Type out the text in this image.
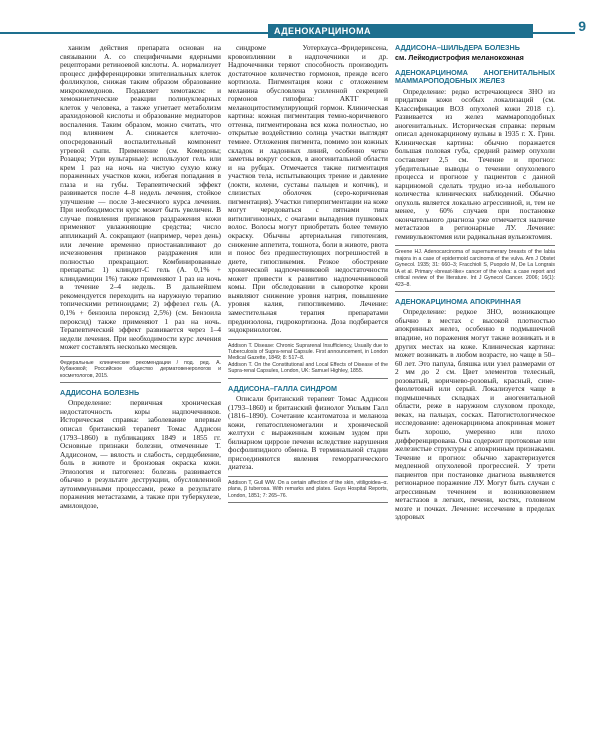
АДЕНОКАРЦИНОМА	9

ханизм действия препарата основан на связывании А. со специфичными ядерными рецепторами ретиноевой кислоты. А. нормализует процесс дифференцировки эпителиальных клеток фолликулов, снижая таким образом образование микрокомедонов. Подавляет хемотаксис и хемокинетические реакции полинуклеарных клеток у человека, а также угнетает метаболизм арахидоновой кислоты и образование медиаторов воспаления. Таким образом, можно считать, что под влиянием А. снижается клеточно-опосредованный воспалительный компонент угревой сыпи. Применение (см. Комедоны; Розацеа; Угри вульгарные): используют гель или крем 1 раз на ночь на чистую сухую кожу пораженных участков кожи, избегая попадания в глаза и на губы. Терапевтический эффект развивается после 4–8 недель лечения, стойкое улучшение — после 3-месячного курса лечения. При необходимости курс может быть увеличен. В случае появления признаков раздражения кожи применяют увлажняющие средства; число аппликаций А. сокращают (например, через день) или лечение временно приостанавливают до исчезновения признаков раздражения или полностью прекращают. Комбинированные препараты: 1) клиндит-С гель (А. 0,1% + клиндамицин 1%) также применяют 1 раз на ночь в течение 2–4 недель. В дальнейшем рекомендуется переходить на наружную терапию топическими ретиноидами; 2) эффезел гель (А. 0,1% + бензоила пероксид 2,5%) (см. Бензоила пероксид) также применяют 1 раз на ночь. Терапевтический эффект развивается через 1–4 недели лечения. При необходимости курс лечения может составлять несколько месяцев.

Федеральные клинические рекомендации / под. ред. А. Кубановой; Российское общество дерматовенерологов и косметологов, 2015.

АДДИСОНА БОЛЕЗНЬ

Определение: первичная хроническая недостаточность коры надпочечников. Историческая справка: заболевание впервые описал британский терапевт Томас Аддисон (1793–1860) в публикациях 1849 и 1855 гг. Основные признаки болезни, отмеченные Т. Аддисоном, — вялость и слабость, сердцебиение, боль в животе и бронзовая окраска кожи. Этиология и патогенез: болезнь развивается обычно в результате деструкции, обусловленной аутоиммунными процессами, реже в результате поражения метастазами, а также при туберкулезе, амилоидозе,

синдроме Уотерхауса–Фридериксена, кровоизлиянии в надпочечники и др. Надпочечники теряют способность производить достаточное количество гормонов, прежде всего кортизола. Пигментация кожи с отложением меланина обусловлена усиленной секрецией гормонов гипофиза: АКТГ и меланоцитостимулирующий гормон. Клиническая картина: кожная пигментация темно-коричневого оттенка, пигментирована вся кожа полностью, но открытые воздействию солнца участки выглядят темнее. Отложения пигмента, помимо зон кожных складок и ладонных линий, особенно четко заметны вокруг сосков, в аногенитальной области и на рубцах. Отмечается также пигментация участков тела, испытывающих трение и давление (локти, колени, суставы пальцев и копчик), и слизистых оболочек (серо-коричневая пигментация). Участки гиперпигментации на коже могут чередоваться с пятнами типа витилигинозных, с очагами выпадения пушковых волос. Волосы могут приобретать более темную окраску. Обычны артериальная гипотензия, снижение аппетита, тошнота, боли в животе, рвота и понос без предшествующих погрешностей в диете, гипогликемия. Резкое обострение хронической надпочечниковой недостаточности может привести к развитию надпочечниковой комы. При обследовании в сыворотке крови выявляют снижение уровня натрия, повышение уровня калия, гипогликемию. Лечение: заместительная терапия препаратами преднизолона, гидрокортизона. Доза подбирается эндокринологом.

Addison T. Disease: Chronic Suprarenal Insufficiency, Usually due to Tuberculosis of Supra-renal Capsule. First announcement, in London Medical Gazette, 1849; 8: 517–8.

Addison T. On the Constitutional and Local Effects of Disease of the Supra-renal Capsules, London, UK: Samuel Highley, 1855.

АДДИСОНА–ГАЛЛА СИНДРОМ

Описали британский терапевт Томас Аддисон (1793–1860) и британский физиолог Уильям Галл (1816–1890). Сочетание ксантоматоза и меланоза кожи, гепатоспленомегалии и хронической желтухи с выраженным кожным зудом при билиарном циррозе печени вследствие нарушения фосфолипидного обмена. В терминальной стадии присоединяются явления геморрагического диатеза.

Addison T, Gull WW. On a certain affection of the skin, vitiligoidea–α. plana, β tuberosa. With remarks and plates. Guys Hospital Reports, London, 1851; 7: 265–76.

АДДИСОНА–ШИЛЬДЕРА БОЛЕЗНЬ
см. Лейкодистрофия меланокожная
АДЕНОКАРЦИНОМА АНОГЕНИТАЛЬНЫХ МАММАРОПОДОБНЫХ ЖЕЛЕЗ

Определение: редко встречающееся ЗНО из придатков кожи особых локализаций (см. Классификация ВОЗ опухолей кожи 2018 г.). Развивается из желез маммароподобных аногенитальных. Историческая справка: первым описал аденокарциному вульвы в 1935 г. Х. Грин. Клиническая картина: обычно поражается большая половая губа, средний размер опухоли составляет 2,5 см. Течение и прогноз: убедительные выводы о течении опухолевого процесса и прогнозе у пациентов с данной карциномой сделать трудно из-за небольшого количества клинических наблюдений. Обычно опухоль является локально агрессивной, и, тем не менее, у 60% случаев при постановке окончательного диагноза уже отмечается наличие метастазов в регионарные ЛУ. Лечение: гемивульвэктомия или радикальная вульвэктомия.

Greene HJ. Adenocarcinoma of supernumerary breasts of the labia majora in a case of epidermoid carcinoma of the vulva. Am J Obstet Gynecol. 1935; 31: 660–3; Fracchioli S, Puopolo M, De La Longrais IA et al. Primary «breast-like» cancer of the vulva: a case report and critical review of the literature. Int J Gynecol Cancer. 2006; 16(1): 423–8.

АДЕНОКАРЦИНОМА АПОКРИННАЯ

Определение: редкое ЗНО, возникающее обычно в местах с высокой плотностью апокринных желез, особенно в подмышечной впадине, но поражения могут также возникать и в других местах на коже. Клиническая картина: может возникать в любом возрасте, но чаще в 50–60 лет. Это папула, бляшка или узел размерами от 2 мм до 2 см. Цвет элементов телесный, розоватый, коричнево-розовый, красный, сине-фиолетовый или серый. Локализуется чаще в подмышечных складках и аногенитальной области, реже в наружном слуховом проходе, веках, на пальцах, сосках. Патогистологическое исследование: аденокарцинома апокринная может быть хорошо, умеренно или плохо дифференцирована. Она содержит протоковые или железистые структуры с апокринным признаками. Течение и прогноз: обычно характеризуется медленной опухолевой прогрессией. У трети пациентов при постановке диагноза выявляется регионарное поражение ЛУ. Могут быть случаи с агрессивным течением и возникновением метастазов в легких, печени, костях, головном мозге и почках. Лечение: иссечение в пределах здоровых
